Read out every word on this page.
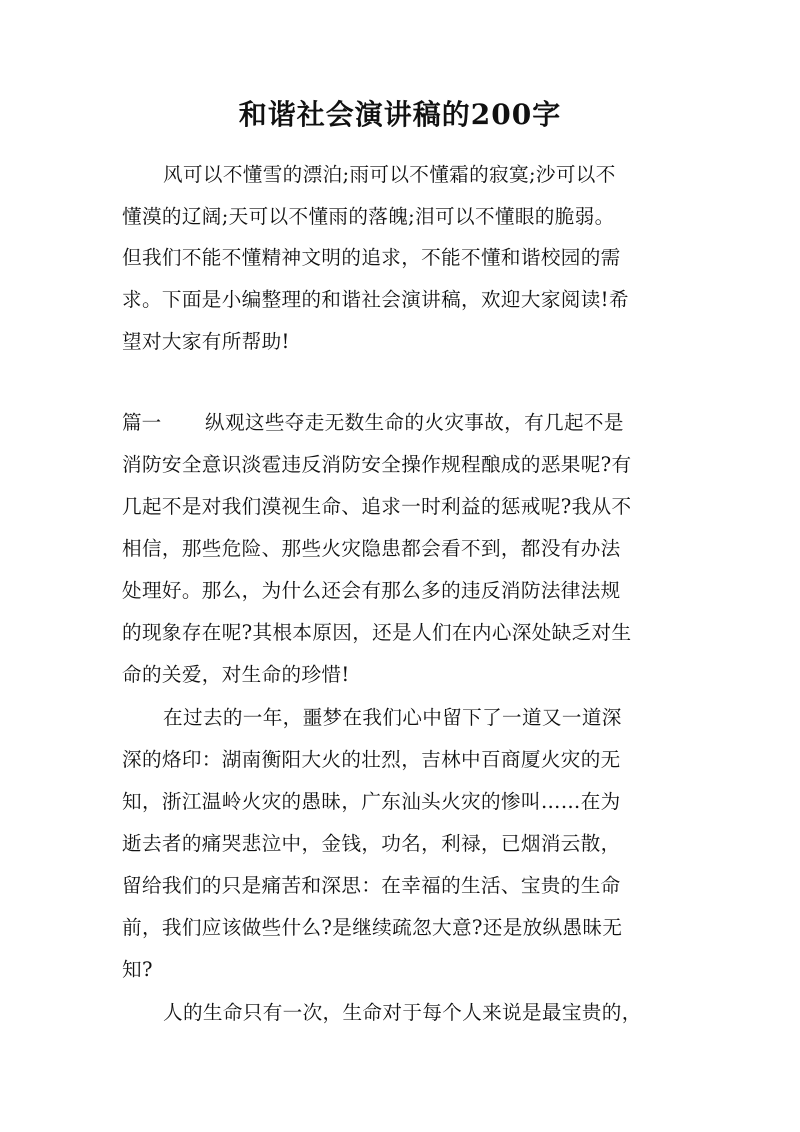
和谐社会演讲稿的200字
风可以不懂雪的漂泊;雨可以不懂霜的寂寞;沙可以不
懂漠的辽阔;天可以不懂雨的落魄;泪可以不懂眼的脆弱。
但我们不能不懂精神文明的追求，不能不懂和谐校园的需
求。下面是小编整理的和谐社会演讲稿，欢迎大家阅读!希
望对大家有所帮助!
篇一 纵观这些夺走无数生命的火灾事故，有几起不是
消防安全意识淡雹违反消防安全操作规程酿成的恶果呢?有
几起不是对我们漠视生命、追求一时利益的惩戒呢?我从不
相信，那些危险、那些火灾隐患都会看不到，都没有办法
处理好。那么，为什么还会有那么多的违反消防法律法规
的现象存在呢?其根本原因，还是人们在内心深处缺乏对生
命的关爱，对生命的珍惜!
在过去的一年，噩梦在我们心中留下了一道又一道深
深的烙印：湖南衡阳大火的壮烈，吉林中百商厦火灾的无
知，浙江温岭火灾的愚昧，广东汕头火灾的惨叫……在为
逝去者的痛哭悲泣中，金钱，功名，利禄，已烟消云散，
留给我们的只是痛苦和深思：在幸福的生活、宝贵的生命
前，我们应该做些什么?是继续疏忽大意?还是放纵愚昧无
知?
人的生命只有一次，生命对于每个人来说是最宝贵的，
